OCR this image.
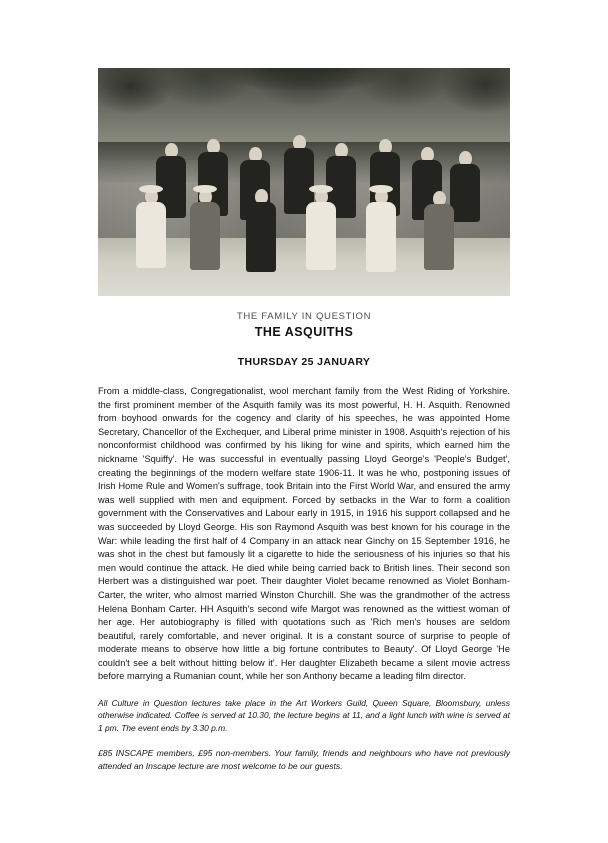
THE FAMILY IN QUESTION
THE ASQUITHS
THURSDAY 25 JANUARY
From a middle-class, Congregationalist, wool merchant family from the West Riding of Yorkshire. the first prominent member of the Asquith family was its most powerful, H. H. Asquith. Renowned from boyhood onwards for the cogency and clarity of his speeches, he was appointed Home Secretary, Chancellor of the Exchequer, and Liberal prime minister in 1908. Asquith's rejection of his nonconformist childhood was confirmed by his liking for wine and spirits, which earned him the nickname 'Squiffy'. He was successful in eventually passing Lloyd George's 'People's Budget', creating the beginnings of the modern welfare state 1906-11. It was he who, postponing issues of Irish Home Rule and Women's suffrage, took Britain into the First World War, and ensured the army was well supplied with men and equipment. Forced by setbacks in the War to form a coalition government with the Conservatives and Labour early in 1915, in 1916 his support collapsed and he was succeeded by Lloyd George. His son Raymond Asquith was best known for his courage in the War: while leading the first half of 4 Company in an attack near Ginchy on 15 September 1916, he was shot in the chest but famously lit a cigarette to hide the seriousness of his injuries so that his men would continue the attack. He died while being carried back to British lines. Their second son Herbert was a distinguished war poet. Their daughter Violet became renowned as Violet Bonham-Carter, the writer, who almost married Winston Churchill. She was the grandmother of the actress Helena Bonham Carter. HH Asquith's second wife Margot was renowned as the wittiest woman of her age. Her autobiography is filled with quotations such as 'Rich men's houses are seldom beautiful, rarely comfortable, and never original. It is a constant source of surprise to people of moderate means to observe how little a big fortune contributes to Beauty'. Of Lloyd George 'He couldn't see a belt without hitting below it'. Her daughter Elizabeth became a silent movie actress before marrying a Rumanian count, while her son Anthony became a leading film director.
All Culture in Question lectures take place in the Art Workers Guild, Queen Square, Bloomsbury, unless otherwise indicated. Coffee is served at 10.30, the lecture begins at 11, and a light lunch with wine is served at 1 pm. The event ends by 3.30 p.m.
£85 INSCAPE members, £95 non-members. Your family, friends and neighbours who have not previously attended an Inscape lecture are most welcome to be our guests.
